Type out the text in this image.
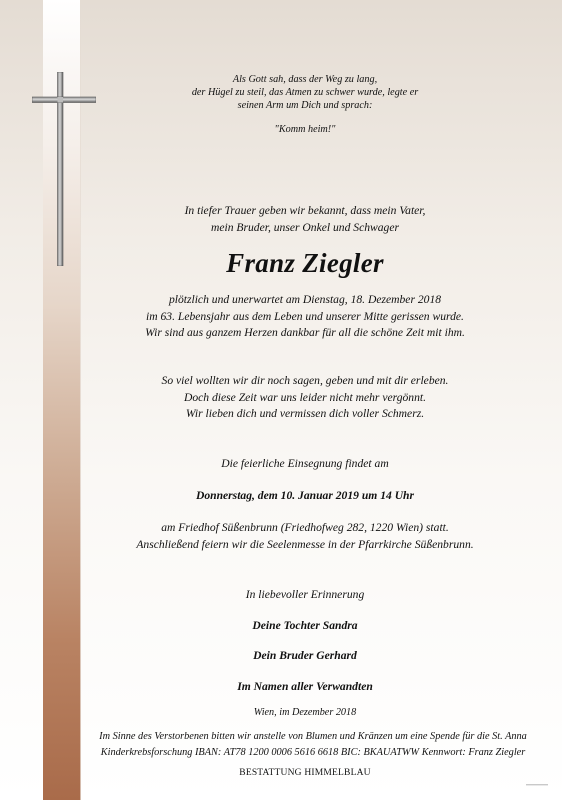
Als Gott sah, dass der Weg zu lang,
der Hügel zu steil, das Atmen zu schwer wurde, legte er
seinen Arm um Dich und sprach:
"Komm heim!"
In tiefer Trauer geben wir bekannt, dass mein Vater,
mein Bruder, unser Onkel und Schwager
Franz Ziegler
plötzlich und unerwartet am Dienstag, 18. Dezember 2018
im 63. Lebensjahr aus dem Leben und unserer Mitte gerissen wurde.
Wir sind aus ganzem Herzen dankbar für all die schöne Zeit mit ihm.
So viel wollten wir dir noch sagen, geben und mit dir erleben.
Doch diese Zeit war uns leider nicht mehr vergönnt.
Wir lieben dich und vermissen dich voller Schmerz.
Die feierliche Einsegnung findet am
Donnerstag, dem 10. Januar 2019 um 14 Uhr
am Friedhof Süßenbrunn (Friedhofweg 282, 1220 Wien) statt.
Anschließend feiern wir die Seelenmesse in der Pfarrkirche Süßenbrunn.
In liebevoller Erinnerung
Deine Tochter Sandra
Dein Bruder Gerhard
Im Namen aller Verwandten
Wien, im Dezember 2018
Im Sinne des Verstorbenen bitten wir anstelle von Blumen und Kränzen um eine Spende für die St. Anna
Kinderkrebsforschung IBAN: AT78 1200 0006 5616 6618 BIC: BKAUATWW Kennwort: Franz Ziegler
BESTATTUNG HIMMELBLAU
